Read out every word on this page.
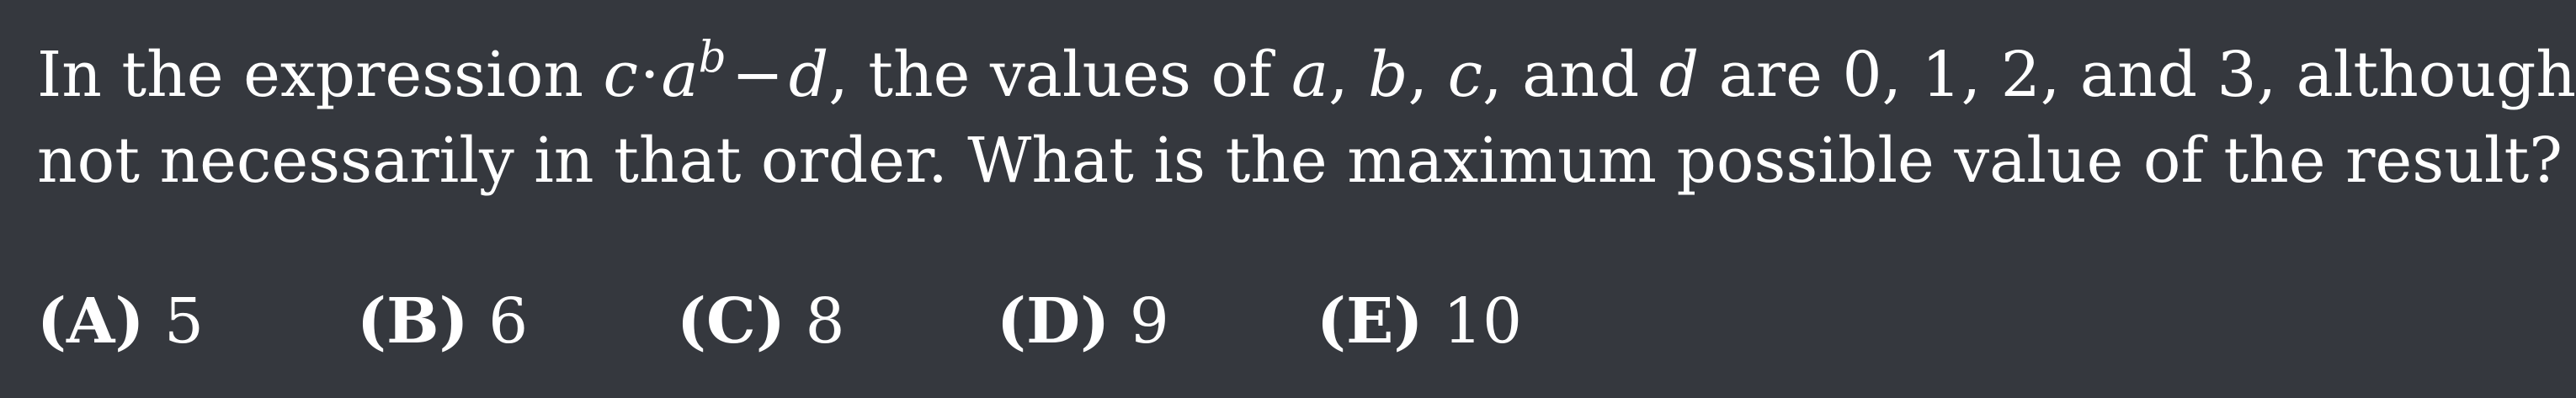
In the expression $c\cdot a^b-d$, the values of a, b, c, and d are 0, 1, 2, and 3, although
not necessarily in that order. What is the maximum possible value of the result?
(A) 5 (B) 6 (C) 8 (D) 9 (E) 10
